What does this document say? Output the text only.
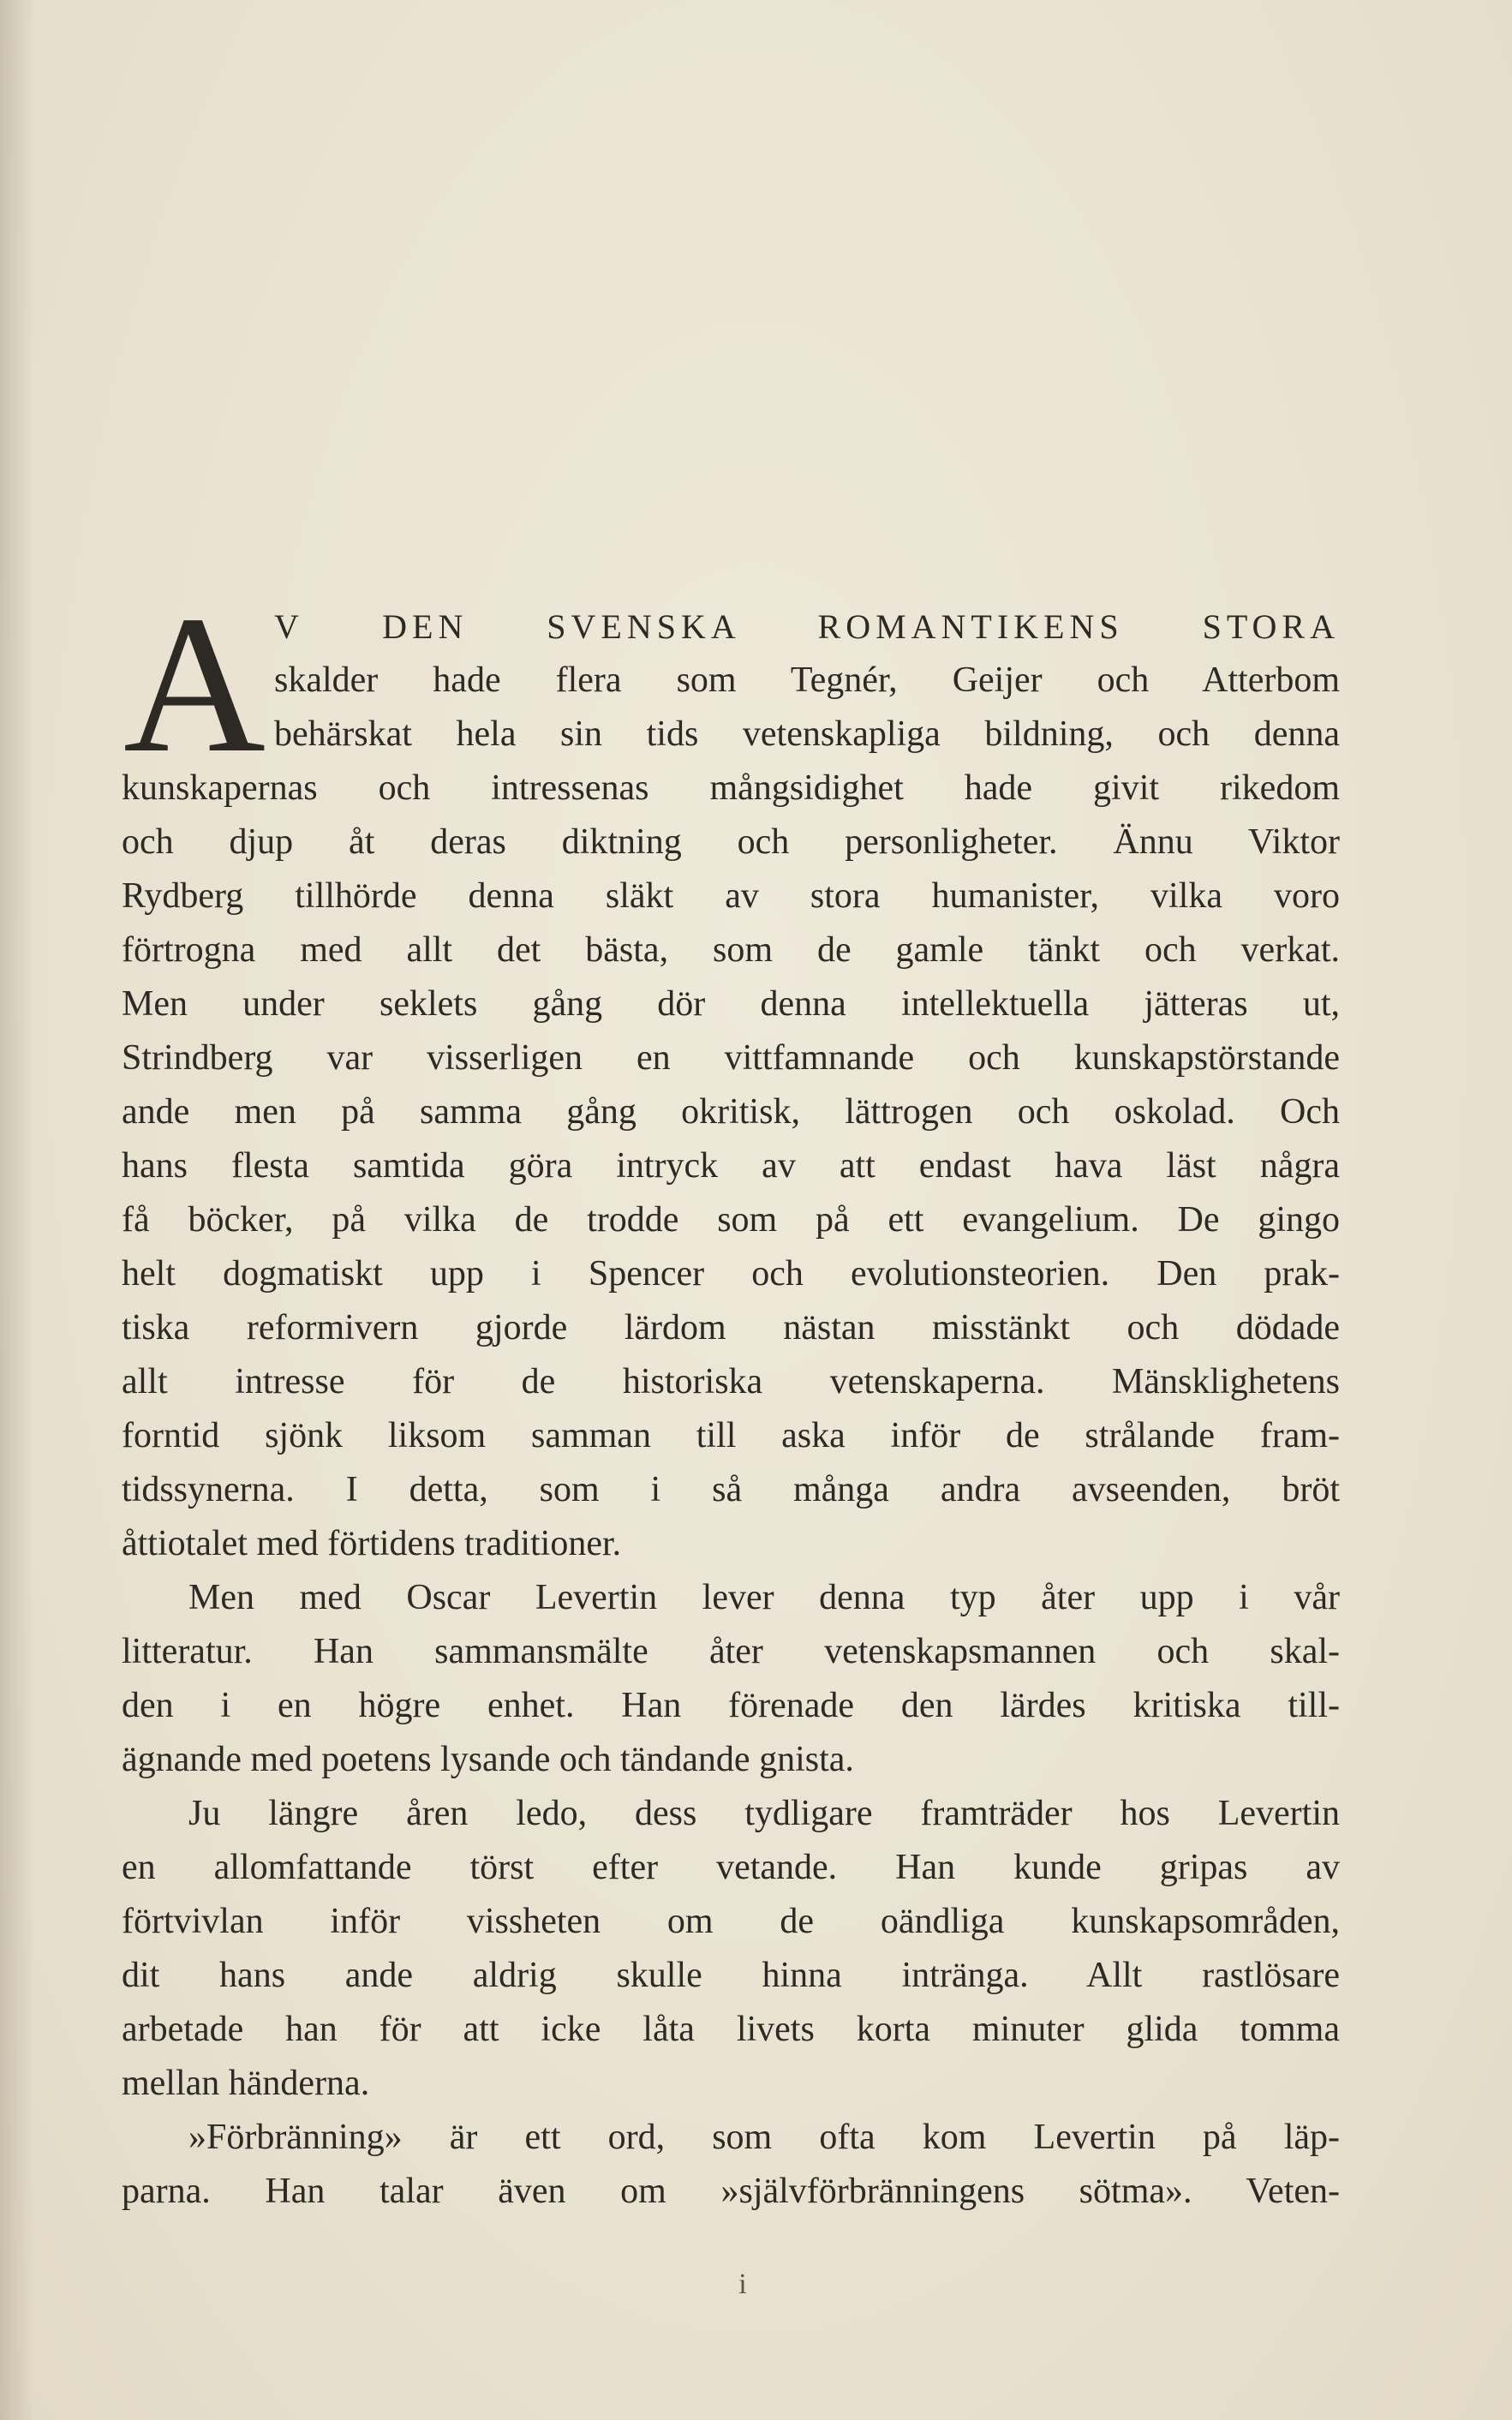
A V DEN SVENSKA ROMANTIKENS STORA
skalder hade flera som Tegnér, Geijer och Atterbom
behärskat hela sin tids vetenskapliga bildning, och denna
kunskapernas och intressenas mångsidighet hade givit rikedom
och djup åt deras diktning och personligheter. Ännu Viktor
Rydberg tillhörde denna släkt av stora humanister, vilka voro
förtrogna med allt det bästa, som de gamle tänkt och verkat.
Men under seklets gång dör denna intellektuella jätteras ut,
Strindberg var visserligen en vittfamnande och kunskapstörstande
ande men på samma gång okritisk, lättrogen och oskolad. Och
hans flesta samtida göra intryck av att endast hava läst några
få böcker, på vilka de trodde som på ett evangelium. De gingo
helt dogmatiskt upp i Spencer och evolutionsteorien. Den prak-
tiska reformivern gjorde lärdom nästan misstänkt och dödade
allt intresse för de historiska vetenskaperna. Mänsklighetens
forntid sjönk liksom samman till aska inför de strålande fram-
tidssynerna. I detta, som i så många andra avseenden, bröt
åttiotalet med förtidens traditioner.
Men med Oscar Levertin lever denna typ åter upp i vår
litteratur. Han sammansmälte åter vetenskapsmannen och skal-
den i en högre enhet. Han förenade den lärdes kritiska till-
ägnande med poetens lysande och tändande gnista.
Ju längre åren ledo, dess tydligare framträder hos Levertin
en allomfattande törst efter vetande. Han kunde gripas av
förtvivlan inför vissheten om de oändliga kunskapsområden,
dit hans ande aldrig skulle hinna intränga. Allt rastlösare
arbetade han för att icke låta livets korta minuter glida tomma
mellan händerna.
»Förbränning» är ett ord, som ofta kom Levertin på läp-
parna. Han talar även om »självförbränningens sötma». Veten-
i
